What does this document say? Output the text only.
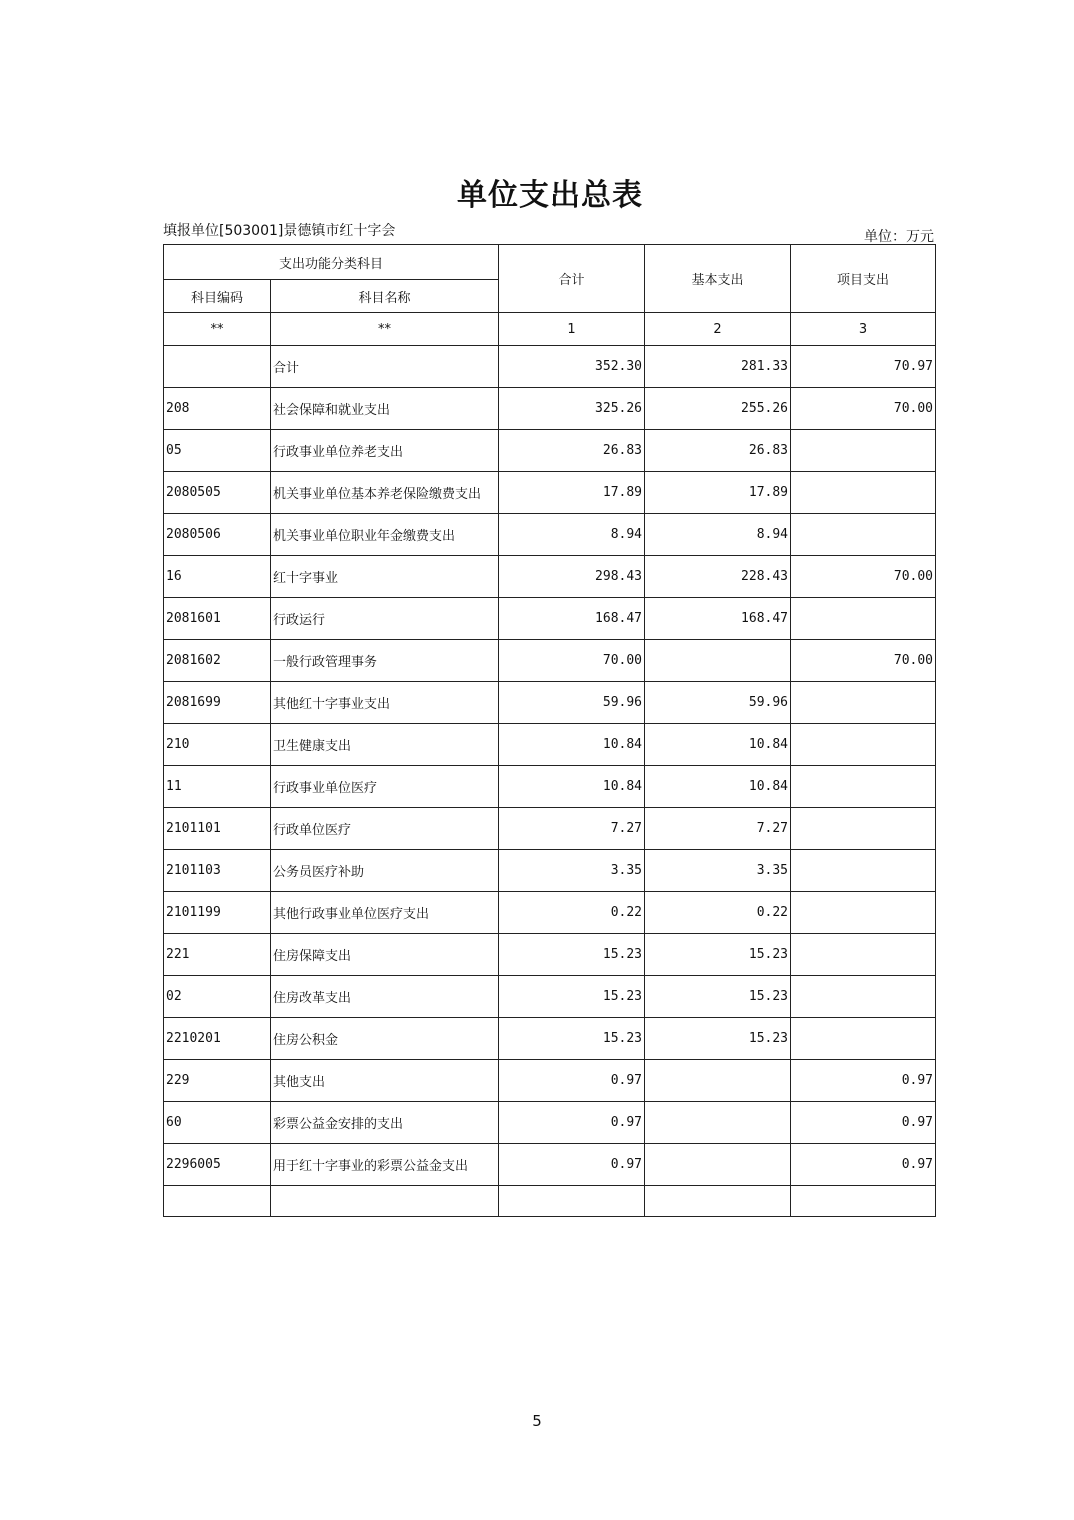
单位支出总表
填报单位[503001]景德镇市红十字会	单位：万元
支出功能分类科目		合计	基本支出	项目支出
科目编码	科目名称			
**	**	1	2	3
	合计	352.30	281.33	70.97
208	社会保障和就业支出	325.26	255.26	70.00
05	行政事业单位养老支出	26.83	26.83	
2080505	机关事业单位基本养老保险缴费支出	17.89	17.89	
2080506	机关事业单位职业年金缴费支出	8.94	8.94	
16	红十字事业	298.43	228.43	70.00
2081601	行政运行	168.47	168.47	
2081602	一般行政管理事务	70.00		70.00
2081699	其他红十字事业支出	59.96	59.96	
210	卫生健康支出	10.84	10.84	
11	行政事业单位医疗	10.84	10.84	
2101101	行政单位医疗	7.27	7.27	
2101103	公务员医疗补助	3.35	3.35	
2101199	其他行政事业单位医疗支出	0.22	0.22	
221	住房保障支出	15.23	15.23	
02	住房改革支出	15.23	15.23	
2210201	住房公积金	15.23	15.23	
229	其他支出	0.97		0.97
60	彩票公益金安排的支出	0.97		0.97
2296005	用于红十字事业的彩票公益金支出	0.97		0.97

5
